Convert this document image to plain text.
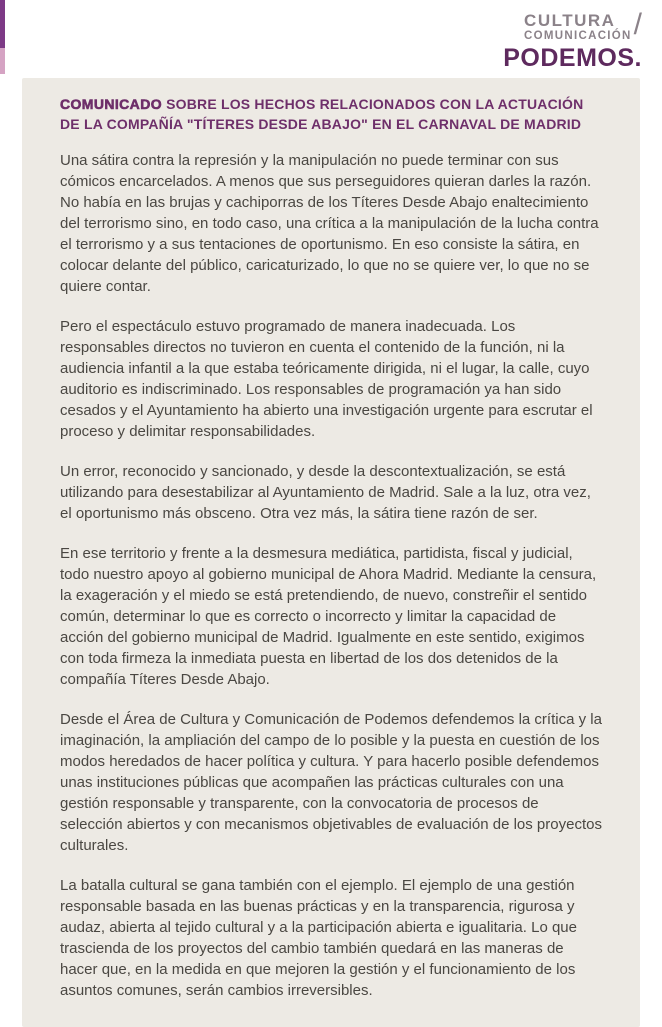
CULTURA
COMUNICACIÓN /
PODEMOS.
COMUNICADO SOBRE LOS HECHOS RELACIONADOS CON LA ACTUACIÓN DE LA COMPAÑÍA "TÍTERES DESDE ABAJO" EN EL CARNAVAL DE MADRID

Una sátira contra la represión y la manipulación no puede terminar con sus cómicos encarcelados. A menos que sus perseguidores quieran darles la razón. No había en las brujas y cachiporras de los Títeres Desde Abajo enaltecimiento del terrorismo sino, en todo caso, una crítica a la manipulación de la lucha contra el terrorismo y a sus tentaciones de oportunismo. En eso consiste la sátira, en colocar delante del público, caricaturizado, lo que no se quiere ver, lo que no se quiere contar.

Pero el espectáculo estuvo programado de manera inadecuada. Los responsables directos no tuvieron en cuenta el contenido de la función, ni la audiencia infantil a la que estaba teóricamente dirigida, ni el lugar, la calle, cuyo auditorio es indiscriminado. Los responsables de programación ya han sido cesados y el Ayuntamiento ha abierto una investigación urgente para escrutar el proceso y delimitar responsabilidades.

Un error, reconocido y sancionado, y desde la descontextualización, se está utilizando para desestabilizar al Ayuntamiento de Madrid. Sale a la luz, otra vez, el oportunismo más obsceno. Otra vez más, la sátira tiene razón de ser.

En ese territorio y frente a la desmesura mediática, partidista, fiscal y judicial, todo nuestro apoyo al gobierno municipal de Ahora Madrid. Mediante la censura, la exageración y el miedo se está pretendiendo, de nuevo, constreñir el sentido común, determinar lo que es correcto o incorrecto y limitar la capacidad de acción del gobierno municipal de Madrid. Igualmente en este sentido, exigimos con toda firmeza la inmediata puesta en libertad de los dos detenidos de la compañía Títeres Desde Abajo.

Desde el Área de Cultura y Comunicación de Podemos defendemos la crítica y la imaginación, la ampliación del campo de lo posible y la puesta en cuestión de los modos heredados de hacer política y cultura. Y para hacerlo posible defendemos unas instituciones públicas que acompañen las prácticas culturales con una gestión responsable y transparente, con la convocatoria de procesos de selección abiertos y con mecanismos objetivables de evaluación de los proyectos culturales.

La batalla cultural se gana también con el ejemplo. El ejemplo de una gestión responsable basada en las buenas prácticas y en la transparencia, rigurosa y audaz, abierta al tejido cultural y a la participación abierta e igualitaria. Lo que trascienda de los proyectos del cambio también quedará en las maneras de hacer que, en la medida en que mejoren la gestión y el funcionamiento de los asuntos comunes, serán cambios irreversibles.
